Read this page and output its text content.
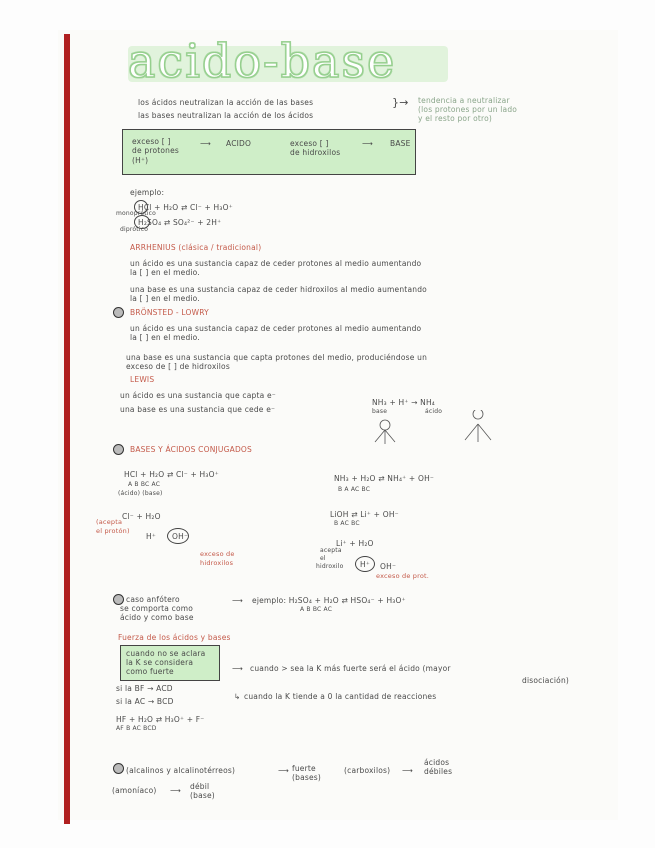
acido-base
los ácidos neutralizan la acción de las bases
las bases neutralizan la acción de los ácidos
}→ tendencia a neutralizar
(los protones por un lado
y el resto por otro)
exceso [ ]
de protones
(H⁺)
⟶ ACIDO	exceso [ ]
de hidroxilos
⟶ BASE
ejemplo:
HCl + H₂O ⇄ Cl⁻ + H₃O⁺
monoprótico
H₂SO₄ ⇄ SO₄²⁻ + 2H⁺
diprótico
ARRHENIUS (clásica / tradicional)
un ácido es una sustancia capaz de ceder protones al medio aumentando
la [ ] en el medio.
una base es una sustancia capaz de ceder hidroxilos al medio aumentando
la [ ] en el medio.
BRÖNSTED - LOWRY
un ácido es una sustancia capaz de ceder protones al medio aumentando
la [ ] en el medio.
una base es una sustancia que capta protones del medio, produciéndose un
exceso de [ ] de hidroxilos
LEWIS
un ácido es una sustancia que capta e⁻
una base es una sustancia que cede e⁻
NH₃ + H⁺ → NH₄
base	ácido
BASES Y ÁCIDOS CONJUGADOS
HCl + H₂O ⇄ Cl⁻ + H₃O⁺
A B BC AC
(ácido) (base)
NH₃ + H₂O ⇄ NH₄⁺ + OH⁻
B A AC BC
Cl⁻ + H₂O
(acepta
el protón)
H⁺ OH⁻
exceso de
hidroxilos
LiOH ⇄ Li⁺ + OH⁻
B AC BC
Li⁺ + H₂O
acepta
el
hidroxilo H⁺ OH⁻
exceso de prot.
caso anfótero
se comporta como
ácido y como base
⟶ ejemplo: H₂SO₄ + H₂O ⇄ HSO₄⁻ + H₃O⁺
A B BC AC
Fuerza de los ácidos y bases
cuando no se aclara
la K se considera
como fuerte	⟶ cuando > sea la K más fuerte será el ácido (mayor
disociación)
↳ cuando la K tiende a 0 la cantidad de reacciones
si la BF → ACD
si la AC → BCD
HF + H₂O ⇄ H₃O⁺ + F⁻
AF B AC BCD
(alcalinos y alcalinotérreos)	⟶ fuerte
(bases)
(carboxilos) ⟶
ácidos
débiles
(amoníaco) ⟶ débil
(base)
